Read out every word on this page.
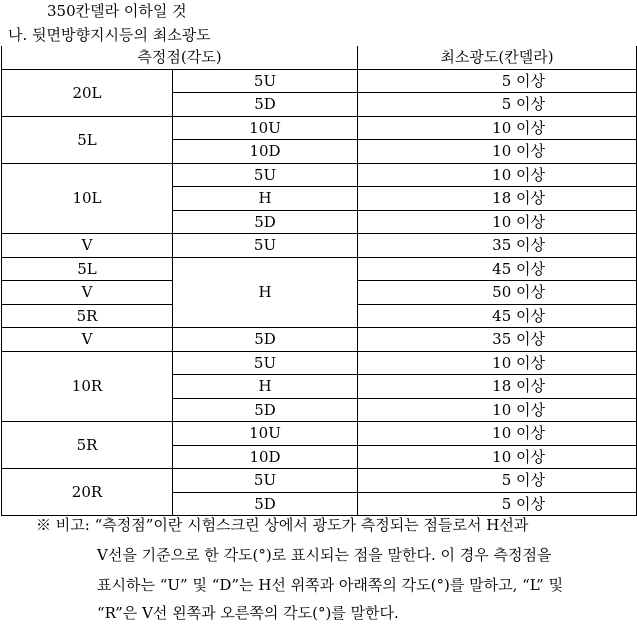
350칸델라 이하일 것
나. 뒷면방향지시등의 최소광도
측정점(각도)		최소광도(칸델라)
20L	5U	5 이상
	5D	5 이상
5L	10U	10 이상
	10D	10 이상
10L	5U	10 이상
	H	18 이상
	5D	10 이상
V	5U	35 이상
5L	H	45 이상
V		50 이상
5R		45 이상
V	5D	35 이상
10R	5U	10 이상
	H	18 이상
	5D	10 이상
5R	10U	10 이상
	10D	10 이상
20R	5U	5 이상
	5D	5 이상
※ 비고: “측정점”이란 시험스크린 상에서 광도가 측정되는 점들로서 H선과
V선을 기준으로 한 각도(°)로 표시되는 점을 말한다. 이 경우 측정점을
표시하는 “U” 및 “D”는 H선 위쪽과 아래쪽의 각도(°)를 말하고, “L” 및
“R”은 V선 왼쪽과 오른쪽의 각도(°)를 말한다.
